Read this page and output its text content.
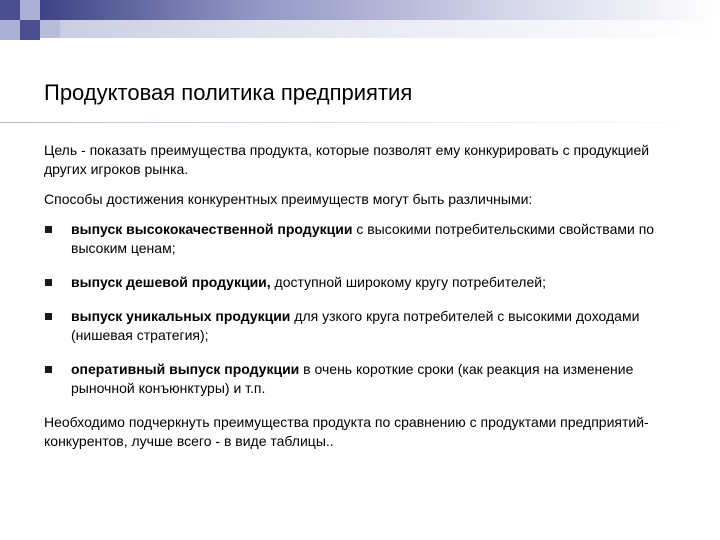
Продуктовая политика предприятия

Цель - показать преимущества продукта, которые позволят ему конкурировать с продукцией других игроков рынка.

Способы достижения конкурентных преимуществ могут быть различными:

выпуск высококачественной продукции с высокими потребительскими свойствами по высоким ценам;
выпуск дешевой продукции, доступной широкому кругу потребителей;
выпуск уникальных продукции для узкого круга потребителей с высокими доходами (нишевая стратегия);
оперативный выпуск продукции в очень короткие сроки (как реакция на изменение рыночной конъюнктуры) и т.п.

Необходимо подчеркнуть преимущества продукта по сравнению с продуктами предприятий-конкурентов, лучше всего - в виде таблицы..
